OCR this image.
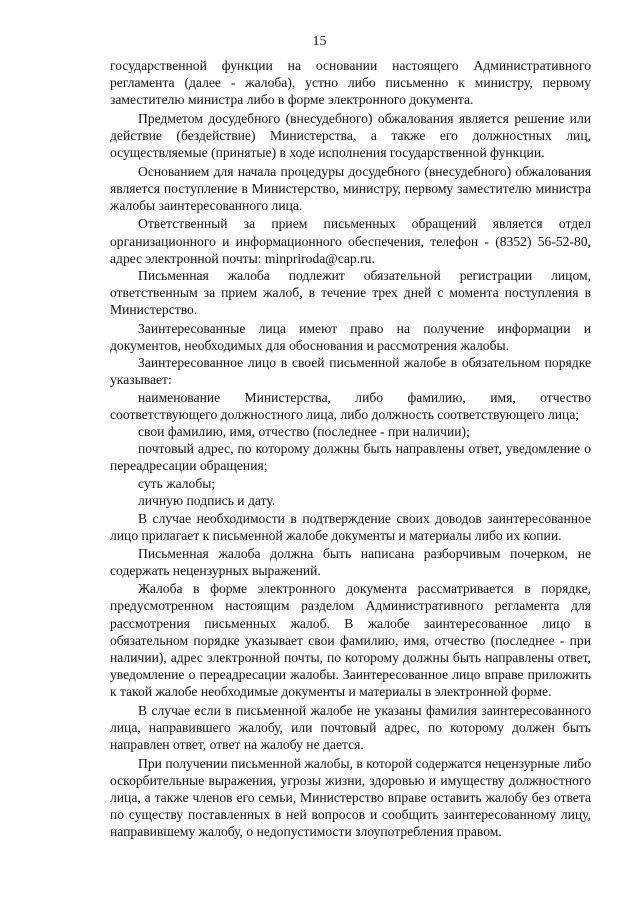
15

государственной функции на основании настоящего Административного регламента (далее - жалоба), устно либо письменно к министру, первому заместителю министра либо в форме электронного документа.

Предметом досудебного (внесудебного) обжалования является решение или действие (бездействие) Министерства, а также его должностных лиц, осуществляемые (принятые) в ходе исполнения государственной функции.

Основанием для начала процедуры досудебного (внесудебного) обжалования является поступление в Министерство, министру, первому заместителю министра жалобы заинтересованного лица.

Ответственный за прием письменных обращений является отдел организационного и информационного обеспечения, телефон - (8352) 56-52-80, адрес электронной почты: minpriroda@cap.ru.

Письменная жалоба подлежит обязательной регистрации лицом, ответственным за прием жалоб, в течение трех дней с момента поступления в Министерство.

Заинтересованные лица имеют право на получение информации и документов, необходимых для обоснования и рассмотрения жалобы.

Заинтересованное лицо в своей письменной жалобе в обязательном порядке указывает:

наименование Министерства, либо фамилию, имя, отчество соответствующего должностного лица, либо должность соответствующего лица;

свои фамилию, имя, отчество (последнее - при наличии);

почтовый адрес, по которому должны быть направлены ответ, уведомление о переадресации обращения;

суть жалобы;

личную подпись и дату.

В случае необходимости в подтверждение своих доводов заинтересованное лицо прилагает к письменной жалобе документы и материалы либо их копии.

Письменная жалоба должна быть написана разборчивым почерком, не содержать нецензурных выражений.

Жалоба в форме электронного документа рассматривается в порядке, предусмотренном настоящим разделом Административного регламента для рассмотрения письменных жалоб. В жалобе заинтересованное лицо в обязательном порядке указывает свои фамилию, имя, отчество (последнее - при наличии), адрес электронной почты, по которому должны быть направлены ответ, уведомление о переадресации жалобы. Заинтересованное лицо вправе приложить к такой жалобе необходимые документы и материалы в электронной форме.

В случае если в письменной жалобе не указаны фамилия заинтересованного лица, направившего жалобу, или почтовый адрес, по которому должен быть направлен ответ, ответ на жалобу не дается.

При получении письменной жалобы, в которой содержатся нецензурные либо оскорбительные выражения, угрозы жизни, здоровью и имуществу должностного лица, а также членов его семьи, Министерство вправе оставить жалобу без ответа по существу поставленных в ней вопросов и сообщить заинтересованному лицу, направившему жалобу, о недопустимости злоупотребления правом.
